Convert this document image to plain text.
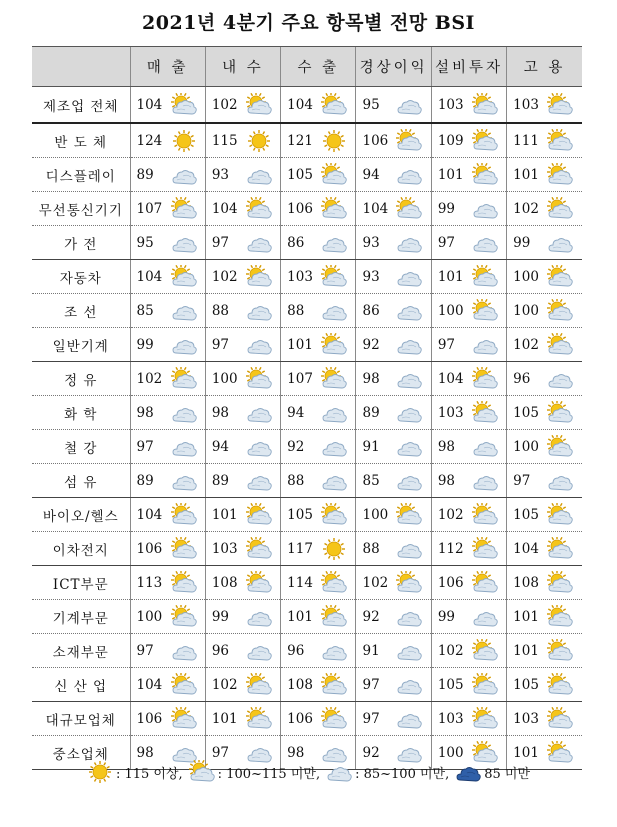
2021년 4분기 주요 항목별 전망 BSI
	매 출	내 수	수 출	경상이익	설비투자	고 용
제조업 전체	104	102	104	95	103	103

반 도 체	124	115	121	106	109	111

디스플레이	89	93	105	94	101	101

무선통신기기	107	104	106	104	99	102

가 전	95	97	86	93	97	99

자동차	104	102	103	93	101	100

조 선	85	88	88	86	100	100

일반기계	99	97	101	92	97	102

정 유	102	100	107	98	104	96

화 학	98	98	94	89	103	105

철 강	97	94	92	91	98	100

섬 유	89	89	88	85	98	97

바이오/헬스	104	101	105	100	102	105

이차전지	106	103	117	88	112	104

ICT부문	113	108	114	102	106	108

기계부문	100	99	101	92	99	101

소재부문	97	96	96	91	102	101

신 산 업	104	102	108	97	105	105

대규모업체	106	101	106	97	103	103

중소업체	98	97	98	92	100	101
: 115 이상,	: 100~115 미만,	: 85~100 미만,	85 미만
